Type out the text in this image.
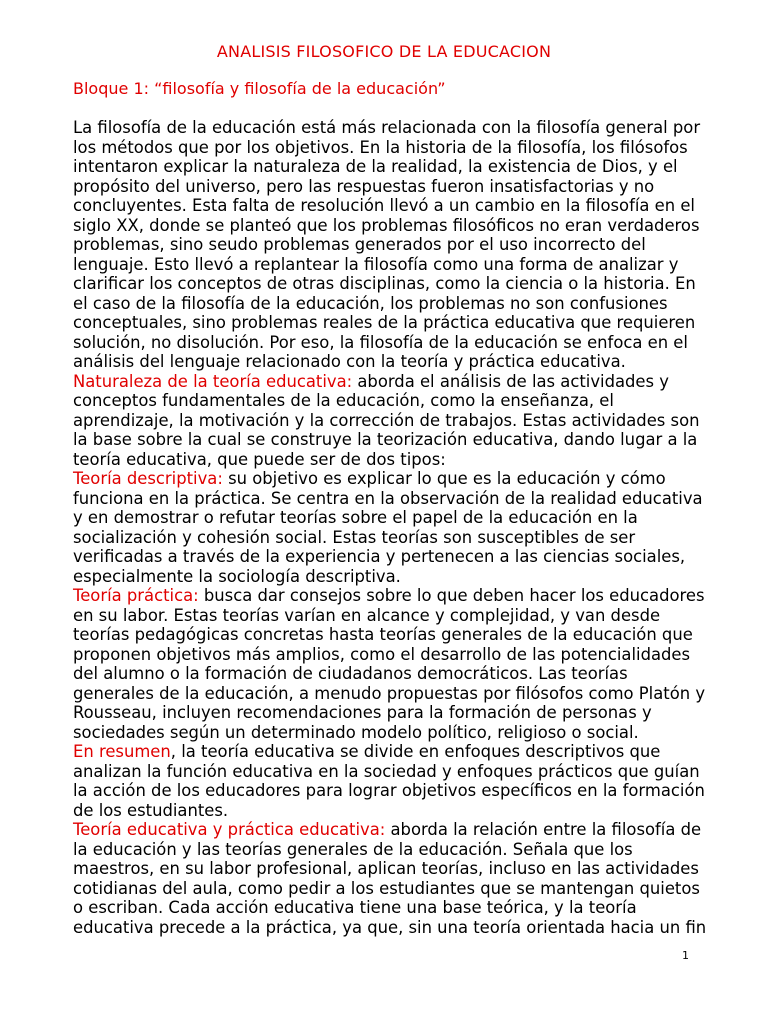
ANALISIS FILOSOFICO DE LA EDUCACION
Bloque 1: “filosofía y filosofía de la educación”

La filosofía de la educación está más relacionada con la filosofía general por los métodos que por los objetivos. En la historia de la filosofía, los filósofos intentaron explicar la naturaleza de la realidad, la existencia de Dios, y el propósito del universo, pero las respuestas fueron insatisfactorias y no concluyentes. Esta falta de resolución llevó a un cambio en la filosofía en el siglo XX, donde se planteó que los problemas filosóficos no eran verdaderos problemas, sino seudo problemas generados por el uso incorrecto del lenguaje. Esto llevó a replantear la filosofía como una forma de analizar y clarificar los conceptos de otras disciplinas, como la ciencia o la historia. En el caso de la filosofía de la educación, los problemas no son confusiones conceptuales, sino problemas reales de la práctica educativa que requieren solución, no disolución. Por eso, la filosofía de la educación se enfoca en el análisis del lenguaje relacionado con la teoría y práctica educativa.

Naturaleza de la teoría educativa: aborda el análisis de las actividades y conceptos fundamentales de la educación, como la enseñanza, el aprendizaje, la motivación y la corrección de trabajos. Estas actividades son la base sobre la cual se construye la teorización educativa, dando lugar a la teoría educativa, que puede ser de dos tipos:

Teoría descriptiva: su objetivo es explicar lo que es la educación y cómo funciona en la práctica. Se centra en la observación de la realidad educativa y en demostrar o refutar teorías sobre el papel de la educación en la socialización y cohesión social. Estas teorías son susceptibles de ser verificadas a través de la experiencia y pertenecen a las ciencias sociales, especialmente la sociología descriptiva.

Teoría práctica: busca dar consejos sobre lo que deben hacer los educadores en su labor. Estas teorías varían en alcance y complejidad, y van desde teorías pedagógicas concretas hasta teorías generales de la educación que proponen objetivos más amplios, como el desarrollo de las potencialidades del alumno o la formación de ciudadanos democráticos. Las teorías generales de la educación, a menudo propuestas por filósofos como Platón y Rousseau, incluyen recomendaciones para la formación de personas y sociedades según un determinado modelo político, religioso o social.

En resumen, la teoría educativa se divide en enfoques descriptivos que analizan la función educativa en la sociedad y enfoques prácticos que guían la acción de los educadores para lograr objetivos específicos en la formación de los estudiantes.

Teoría educativa y práctica educativa: aborda la relación entre la filosofía de la educación y las teorías generales de la educación. Señala que los maestros, en su labor profesional, aplican teorías, incluso en las actividades cotidianas del aula, como pedir a los estudiantes que se mantengan quietos o escriban. Cada acción educativa tiene una base teórica, y la teoría educativa precede a la práctica, ya que, sin una teoría orientada hacia un fin

1
